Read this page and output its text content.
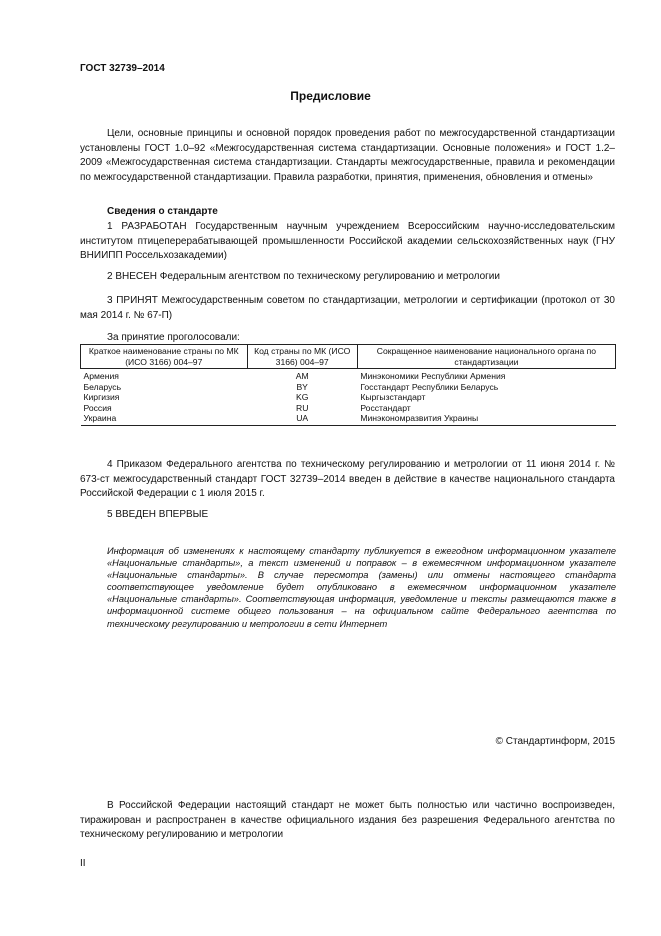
ГОСТ 32739–2014

Предисловие

Цели, основные принципы и основной порядок проведения работ по межгосударственной стандартизации установлены ГОСТ 1.0–92 «Межгосударственная система стандартизации. Основные положения» и ГОСТ 1.2–2009 «Межгосударственная система стандартизации. Стандарты межгосударственные, правила и рекомендации по межгосударственной стандартизации. Правила разработки, принятия, применения, обновления и отмены»

Сведения о стандарте

1 РАЗРАБОТАН Государственным научным учреждением Всероссийским научно-исследовательским институтом птицеперерабатывающей промышленности Российской академии сельскохозяйственных наук (ГНУ ВНИИПП Россельхозакадемии)

2 ВНЕСЕН Федеральным агентством по техническому регулированию и метрологии

3 ПРИНЯТ Межгосударственным советом по стандартизации, метрологии и сертификации (протокол от 30 мая 2014 г. № 67-П)

За принятие проголосовали:

Краткое наименование страны по МК (ИСО 3166) 004–97	Код страны по МК (ИСО 3166) 004–97	Сокращенное наименование национального органа по стандартизации
Армения	AM	Минэкономики Республики Армения
Беларусь	BY	Госстандарт Республики Беларусь
Киргизия	KG	Кыргызстандарт
Россия	RU	Росстандарт
Украина	UA	Минэкономразвития Украины

4 Приказом Федерального агентства по техническому регулированию и метрологии от 11 июня 2014 г. № 673-ст межгосударственный стандарт ГОСТ 32739–2014 введен в действие в качестве национального стандарта Российской Федерации с 1 июля 2015 г.

5 ВВЕДЕН ВПЕРВЫЕ

Информация об изменениях к настоящему стандарту публикуется в ежегодном информационном указателе «Национальные стандарты», а текст изменений и поправок – в ежемесячном информационном указателе «Национальные стандарты». В случае пересмотра (замены) или отмены настоящего стандарта соответствующее уведомление будет опубликовано в ежемесячном информационном указателе «Национальные стандарты». Соответствующая информация, уведомление и тексты размещаются также в информационной системе общего пользования – на официальном сайте Федерального агентства по техническому регулированию и метрологии в сети Интернет

© Стандартинформ, 2015

В Российской Федерации настоящий стандарт не может быть полностью или частично воспроизведен, тиражирован и распространен в качестве официального издания без разрешения Федерального агентства по техническому регулированию и метрологии

II
